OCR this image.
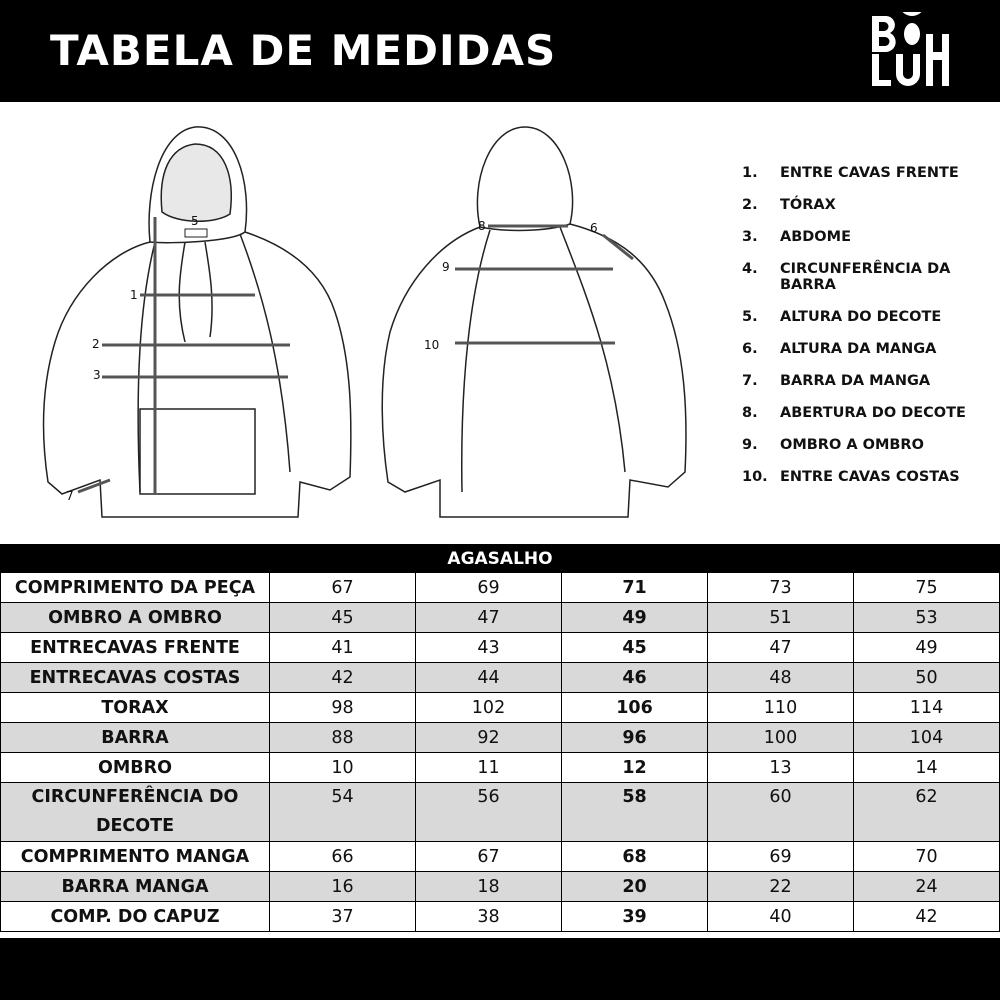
TABELA DE MEDIDAS
1
2
3
5
7
6
8
9
10
1.	ENTRE CAVAS FRENTE
2.	TÓRAX
3.	ABDOME
4.	CIRCUNFERÊNCIA DA BARRA
5.	ALTURA DO DECOTE
6.	ALTURA DA MANGA
7.	BARRA DA MANGA
8.	ABERTURA DO DECOTE
9.	OMBRO A OMBRO
10. ENTRE CAVAS COSTAS
AGASALHO
COMPRIMENTO DA PEÇA	67	69	71	73	75
OMBRO A OMBRO	45	47	49	51	53
ENTRECAVAS FRENTE	41	43	45	47	49
ENTRECAVAS COSTAS	42	44	46	48	50
TORAX	98	102	106	110	114
BARRA	88	92	96	100	104
OMBRO	10	11	12	13	14
CIRCUNFERÊNCIA DO DECOTE	54	56	58	60	62
COMPRIMENTO MANGA	66	67	68	69	70
BARRA MANGA	16	18	20	22	24
COMP. DO CAPUZ	37	38	39	40	42
